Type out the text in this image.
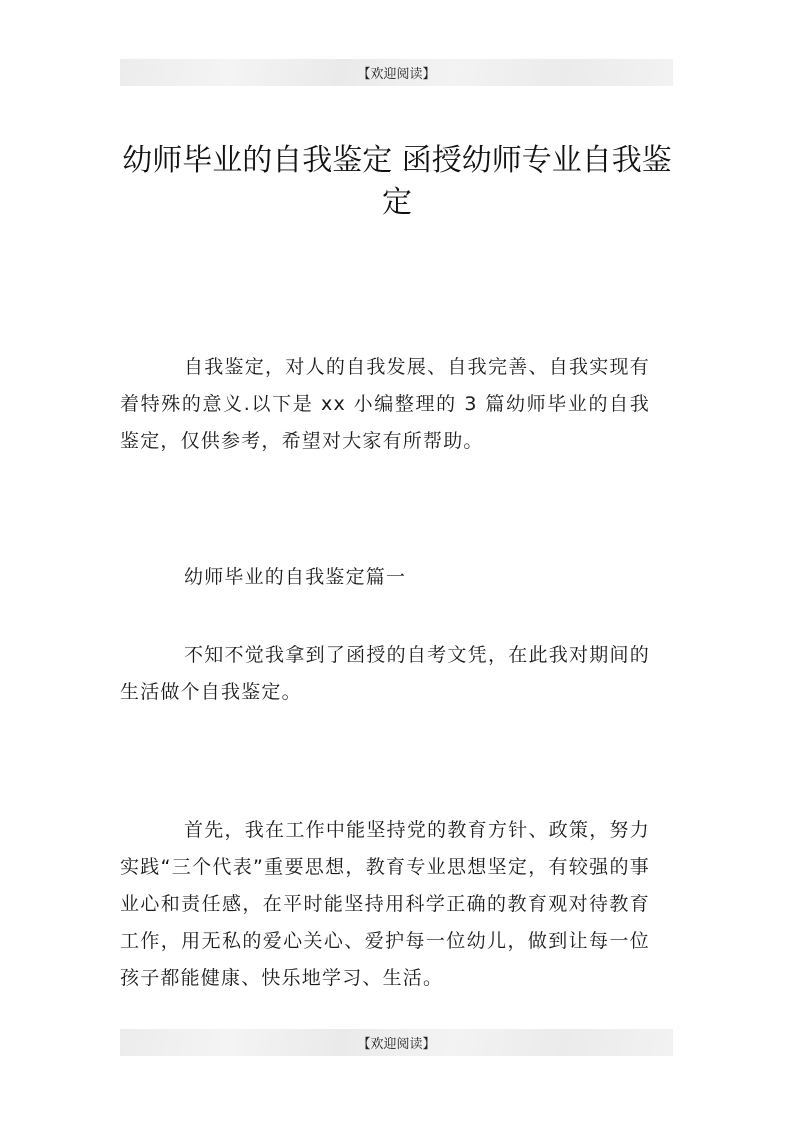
【欢迎阅读】
幼师毕业的自我鉴定 函授幼师专业自我鉴定

自我鉴定，对人的自我发展、自我完善、自我实现有着特殊的意义.以下是 xx 小编整理的 3 篇幼师毕业的自我鉴定，仅供参考，希望对大家有所帮助。

幼师毕业的自我鉴定篇一

不知不觉我拿到了函授的自考文凭，在此我对期间的生活做个自我鉴定。

首先，我在工作中能坚持党的教育方针、政策，努力实践“三个代表”重要思想，教育专业思想坚定，有较强的事业心和责任感，在平时能坚持用科学正确的教育观对待教育工作，用无私的爱心关心、爱护每一位幼儿，做到让每一位孩子都能健康、快乐地学习、生活。

【欢迎阅读】
